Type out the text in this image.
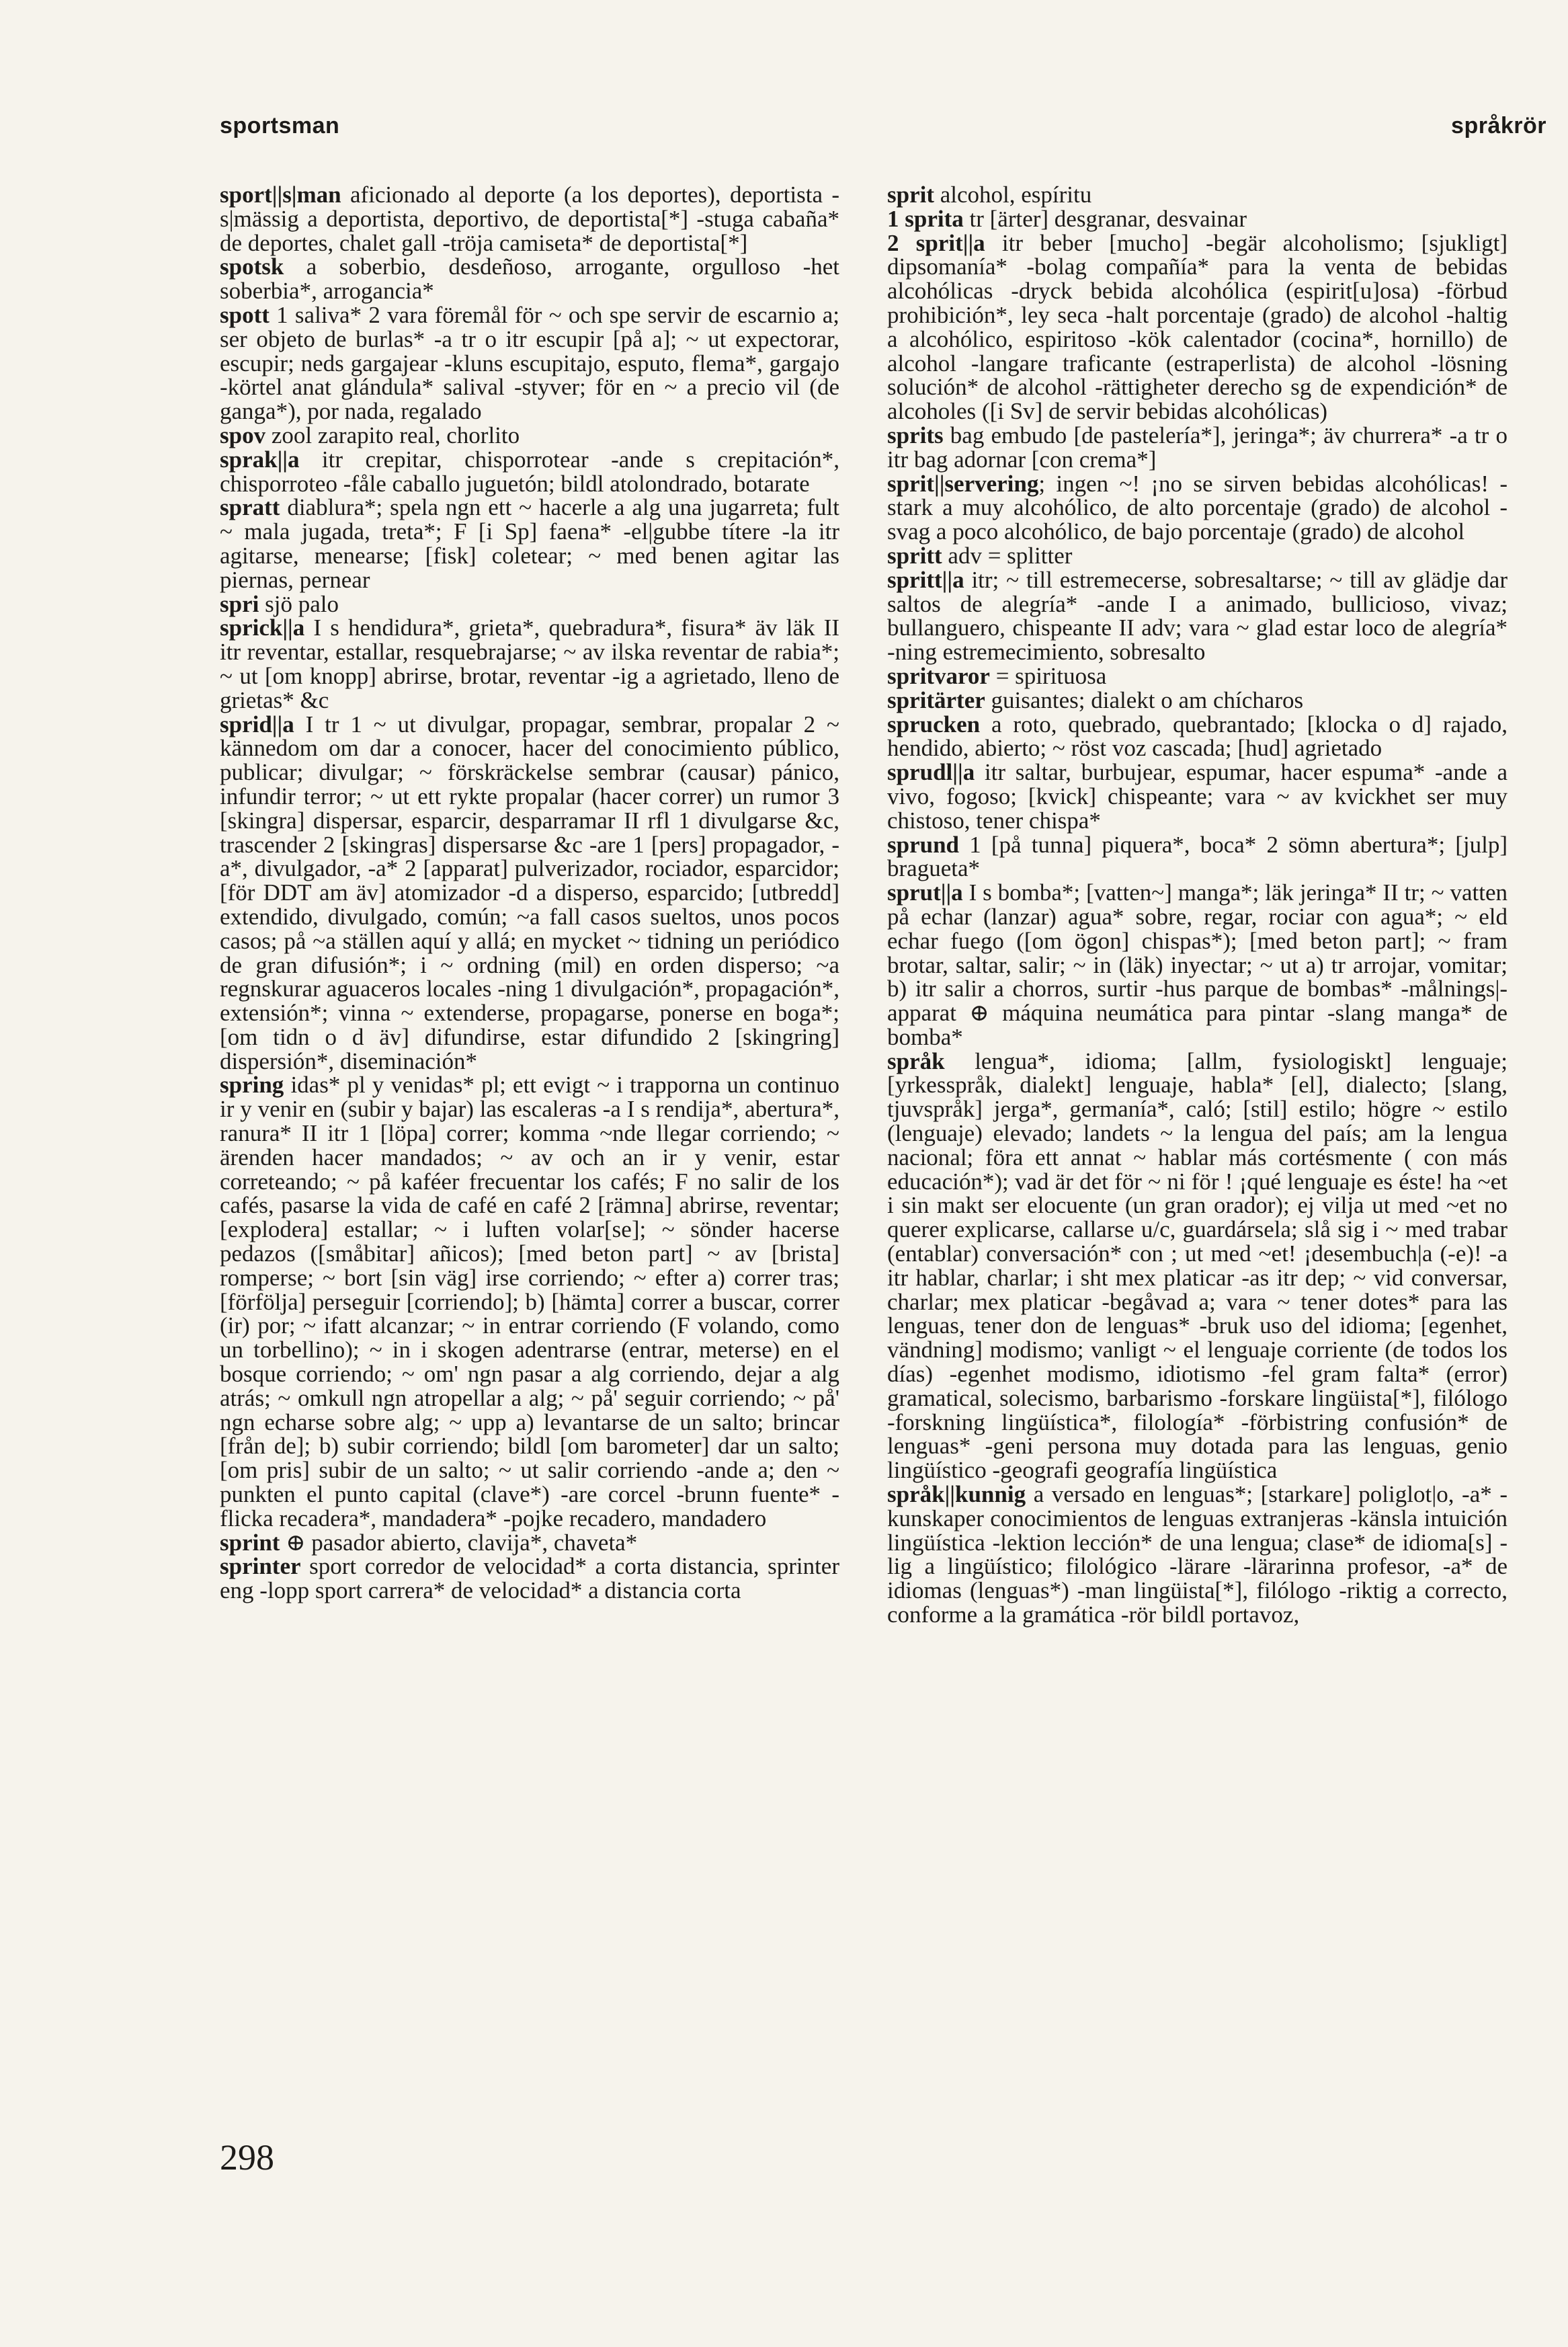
sportsman	språkrör

sport||s|man aficionado al deporte (a los deportes), deportista -s|mässig a deportista, deportivo, de deportista[*] -stuga cabaña* de deportes, chalet gall -tröja camiseta* de deportista[*]

spotsk a soberbio, desdeñoso, arrogante, orgulloso -het soberbia*, arrogancia*

spott 1 saliva* 2 vara föremål för ~ och spe servir de escarnio a; ser objeto de burlas* -a tr o itr escupir [på a]; ~ ut expectorar, escupir; neds gargajear -kluns escupitajo, esputo, flema*, gargajo -körtel anat glándula* salival -styver; för en ~ a precio vil (de ganga*), por nada, regalado

spov zool zarapito real, chorlito

sprak||a itr crepitar, chisporrotear -ande s crepitación*, chisporroteo -fåle caballo juguetón; bildl atolondrado, botarate

spratt diablura*; spela ngn ett ~ hacerle a alg una jugarreta; fult ~ mala jugada, treta*; F [i Sp] faena* -el|gubbe títere -la itr agitarse, menearse; [fisk] coletear; ~ med benen agitar las piernas, pernear

spri sjö palo

sprick||a I s hendidura*, grieta*, quebradura*, fisura* äv läk II itr reventar, estallar, resquebrajarse; ~ av ilska reventar de rabia*; ~ ut [om knopp] abrirse, brotar, reventar -ig a agrietado, lleno de grietas* &c

sprid||a I tr 1 ~ ut divulgar, propagar, sembrar, propalar 2 ~ kännedom om dar a conocer, hacer del conocimiento público, publicar; divulgar; ~ förskräckelse sembrar (causar) pánico, infundir terror; ~ ut ett rykte propalar (hacer correr) un rumor 3 [skingra] dispersar, esparcir, desparramar II rfl 1 divulgarse &c, trascender 2 [skingras] dispersarse &c -are 1 [pers] propagador, -a*, divulgador, -a* 2 [apparat] pulverizador, rociador, esparcidor; [för DDT am äv] atomizador -d a disperso, esparcido; [utbredd] extendido, divulgado, común; ~a fall casos sueltos, unos pocos casos; på ~a ställen aquí y allá; en mycket ~ tidning un periódico de gran difusión*; i ~ ordning (mil) en orden disperso; ~a regnskurar aguaceros locales -ning 1 divulgación*, propagación*, extensión*; vinna ~ extenderse, propagarse, ponerse en boga*; [om tidn o d äv] difundirse, estar difundido 2 [skingring] dispersión*, diseminación*

spring idas* pl y venidas* pl; ett evigt ~ i trapporna un continuo ir y venir en (subir y bajar) las escaleras -a I s rendija*, abertura*, ranura* II itr 1 [löpa] correr; komma ~nde llegar corriendo; ~ ärenden hacer mandados; ~ av och an ir y venir, estar correteando; ~ på kaféer frecuentar los cafés; F no salir de los cafés, pasarse la vida de café en café 2 [rämna] abrirse, reventar; [explodera] estallar; ~ i luften volar[se]; ~ sönder hacerse pedazos ([småbitar] añicos); [med beton part] ~ av [brista] romperse; ~ bort [sin väg] irse corriendo; ~ efter a) correr tras; [förfölja] perseguir [corriendo]; b) [hämta] correr a buscar, correr (ir) por; ~ ifatt alcanzar; ~ in entrar corriendo (F volando, como un torbellino); ~ in i skogen adentrarse (entrar, meterse) en el bosque corriendo; ~ om' ngn pasar a alg corriendo, dejar a alg atrás; ~ omkull ngn atropellar a alg; ~ på' seguir corriendo; ~ på' ngn echarse sobre alg; ~ upp a) levantarse de un salto; brincar [från de]; b) subir corriendo; bildl [om barometer] dar un salto; [om pris] subir de un salto; ~ ut salir corriendo -ande a; den ~ punkten el punto capital (clave*) -are corcel -brunn fuente* -flicka recadera*, mandadera* -pojke recadero, mandadero

sprint ⊕ pasador abierto, clavija*, chaveta*

sprinter sport corredor de velocidad* a corta distancia, sprinter eng -lopp sport carrera* de velocidad* a distancia corta

sprit alcohol, espíritu

1 sprita tr [ärter] desgranar, desvainar

2 sprit||a itr beber [mucho] -begär alcoholismo; [sjukligt] dipsomanía* -bolag compañía* para la venta de bebidas alcohólicas -dryck bebida alcohólica (espirit[u]osa) -förbud prohibición*, ley seca -halt porcentaje (grado) de alcohol -haltig a alcohólico, espiritoso -kök calentador (cocina*, hornillo) de alcohol -langare traficante (estraperlista) de alcohol -lösning solución* de alcohol -rättigheter derecho sg de expendición* de alcoholes ([i Sv] de servir bebidas alcohólicas)

sprits bag embudo [de pastelería*], jeringa*; äv churrera* -a tr o itr bag adornar [con crema*]

sprit||servering; ingen ~! ¡no se sirven bebidas alcohólicas! -stark a muy alcohólico, de alto porcentaje (grado) de alcohol -svag a poco alcohólico, de bajo porcentaje (grado) de alcohol

spritt adv = splitter

spritt||a itr; ~ till estremecerse, sobresaltarse; ~ till av glädje dar saltos de alegría* -ande I a animado, bullicioso, vivaz; bullanguero, chispeante II adv; vara ~ glad estar loco de alegría* -ning estremecimiento, sobresalto

spritvaror = spirituosa

spritärter guisantes; dialekt o am chícharos

sprucken a roto, quebrado, quebrantado; [klocka o d] rajado, hendido, abierto; ~ röst voz cascada; [hud] agrietado

sprudl||a itr saltar, burbujear, espumar, hacer espuma* -ande a vivo, fogoso; [kvick] chispeante; vara ~ av kvickhet ser muy chistoso, tener chispa*

sprund 1 [på tunna] piquera*, boca* 2 sömn abertura*; [julp] bragueta*

sprut||a I s bomba*; [vatten~] manga*; läk jeringa* II tr; ~ vatten på echar (lanzar) agua* sobre, regar, rociar con agua*; ~ eld echar fuego ([om ögon] chispas*); [med beton part]; ~ fram brotar, saltar, salir; ~ in (läk) inyectar; ~ ut a) tr arrojar, vomitar; b) itr salir a chorros, surtir -hus parque de bombas* -målnings|-apparat ⊕ máquina neumática para pintar -slang manga* de bomba*

språk lengua*, idioma; [allm, fysiologiskt] lenguaje; [yrkesspråk, dialekt] lenguaje, habla* [el], dialecto; [slang, tjuvspråk] jerga*, germanía*, caló; [stil] estilo; högre ~ estilo (lenguaje) elevado; landets ~ la lengua del país; am la lengua nacional; föra ett annat ~ hablar más cortésmente ( con más educación*); vad är det för ~ ni för ! ¡qué lenguaje es éste! ha ~et i sin makt ser elocuente (un gran orador); ej vilja ut med ~et no querer explicarse, callarse u/c, guardársela; slå sig i ~ med trabar (entablar) conversación* con ; ut med ~et! ¡desembuch|a (-e)! -a itr hablar, charlar; i sht mex platicar -as itr dep; ~ vid conversar, charlar; mex platicar -begåvad a; vara ~ tener dotes* para las lenguas, tener don de lenguas* -bruk uso del idioma; [egenhet, vändning] modismo; vanligt ~ el lenguaje corriente (de todos los días) -egenhet modismo, idiotismo -fel gram falta* (error) gramatical, solecismo, barbarismo -forskare lingüista[*], filólogo -forskning lingüística*, filología* -förbistring confusión* de lenguas* -geni persona muy dotada para las lenguas, genio lingüístico -geografi geografía lingüística

språk||kunnig a versado en lenguas*; [starkare] poliglot|o, -a* -kunskaper conocimientos de lenguas extranjeras -känsla intuición lingüística -lektion lección* de una lengua; clase* de idioma[s] -lig a lingüístico; filológico -lärare -lärarinna profesor, -a* de idiomas (lenguas*) -man lingüista[*], filólogo -riktig a correcto, conforme a la gramática -rör bildl portavoz,

298
